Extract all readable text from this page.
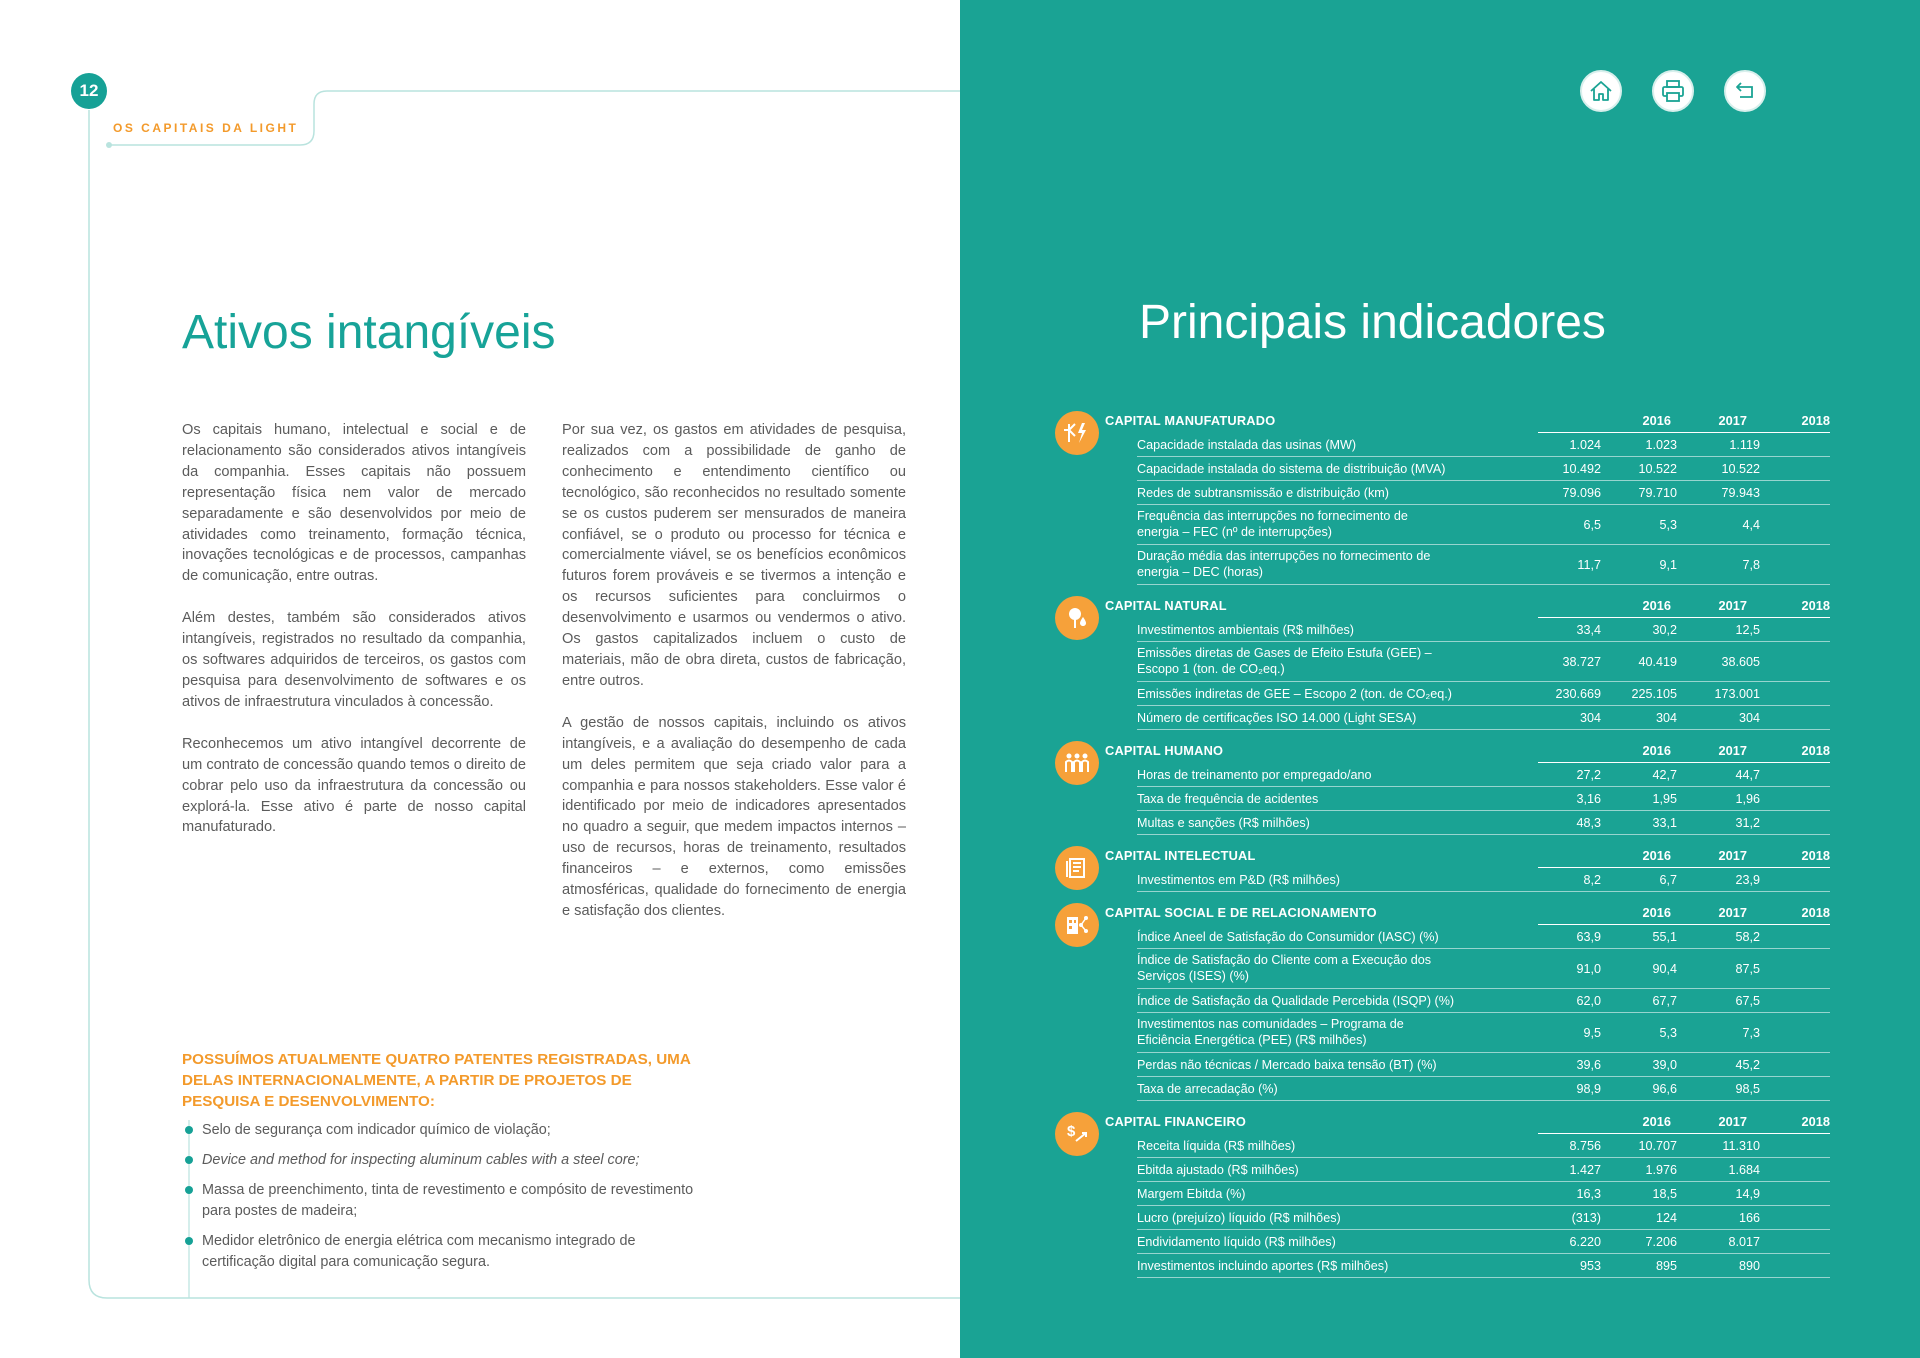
12
OS CAPITAIS DA LIGHT
Ativos intangíveis

Os capitais humano, intelectual e social e de relacionamento são considerados ativos intangíveis da companhia. Esses capitais não possuem representação física nem valor de mercado separadamente e são desenvolvidos por meio de atividades como treinamento, formação técnica, inovações tecnológicas e de processos, campanhas de comunicação, entre outras.

Além destes, também são considerados ativos intangíveis, registrados no resultado da companhia, os softwares adquiridos de terceiros, os gastos com pesquisa para desenvolvimento de softwares e os ativos de infraestrutura vinculados à concessão.

Reconhecemos um ativo intangível decorrente de um contrato de concessão quando temos o direito de cobrar pelo uso da infraestrutura da concessão ou explorá-la. Esse ativo é parte de nosso capital manufaturado.

Por sua vez, os gastos em atividades de pesquisa, realizados com a possibilidade de ganho de conhecimento e entendimento científico ou tecnológico, são reconhecidos no resultado somente se os custos puderem ser mensurados de maneira confiável, se o produto ou processo for técnica e comercialmente viável, se os benefícios econômicos futuros forem prováveis e se tivermos a intenção e os recursos suficientes para concluirmos o desenvolvimento e usarmos ou vendermos o ativo. Os gastos capitalizados incluem o custo de materiais, mão de obra direta, custos de fabricação, entre outros.

A gestão de nossos capitais, incluindo os ativos intangíveis, e a avaliação do desempenho de cada um deles permitem que seja criado valor para a companhia e para nossos stakeholders. Esse valor é identificado por meio de indicadores apresentados no quadro a seguir, que medem impactos internos – uso de recursos, horas de treinamento, resultados financeiros – e externos, como emissões atmosféricas, qualidade do fornecimento de energia e satisfação dos clientes.

POSSUÍMOS ATUALMENTE QUATRO PATENTES REGISTRADAS, UMA DELAS INTERNACIONALMENTE, A PARTIR DE PROJETOS DE PESQUISA E DESENVOLVIMENTO:
Selo de segurança com indicador químico de violação;
Device and method for inspecting aluminum cables with a steel core;
Massa de preenchimento, tinta de revestimento e compósito de revestimento para postes de madeira;
Medidor eletrônico de energia elétrica com mecanismo integrado de certificação digital para comunicação segura.
Principais indicadores
CAPITAL MANUFATURADO	2016	2017	2018
Capacidade instalada das usinas (MW)	1.024	1.023	1.119
Capacidade instalada do sistema de distribuição (MVA)	10.492	10.522	10.522
Redes de subtransmissão e distribuição (km)	79.096	79.710	79.943
Frequência das interrupções no fornecimento de energia – FEC (nº de interrupções)	6,5	5,3	4,4
Duração média das interrupções no fornecimento de energia – DEC (horas)	11,7	9,1	7,8
CAPITAL NATURAL	2016	2017	2018
Investimentos ambientais (R$ milhões)	33,4	30,2	12,5
Emissões diretas de Gases de Efeito Estufa (GEE) – Escopo 1 (ton. de CO₂eq.)	38.727	40.419	38.605
Emissões indiretas de GEE – Escopo 2 (ton. de CO₂eq.)	230.669	225.105	173.001
Número de certificações ISO 14.000 (Light SESA)	304	304	304
CAPITAL HUMANO	2016	2017	2018
Horas de treinamento por empregado/ano	27,2	42,7	44,7
Taxa de frequência de acidentes	3,16	1,95	1,96
Multas e sanções (R$ milhões)	48,3	33,1	31,2
CAPITAL INTELECTUAL	2016	2017	2018
Investimentos em P&D (R$ milhões)	8,2	6,7	23,9
CAPITAL SOCIAL E DE RELACIONAMENTO	2016	2017	2018
Índice Aneel de Satisfação do Consumidor (IASC) (%)	63,9	55,1	58,2
Índice de Satisfação do Cliente com a Execução dos Serviços (ISES) (%)	91,0	90,4	87,5
Índice de Satisfação da Qualidade Percebida (ISQP) (%)	62,0	67,7	67,5
Investimentos nas comunidades – Programa de Eficiência Energética (PEE) (R$ milhões)	9,5	5,3	7,3
Perdas não técnicas / Mercado baixa tensão (BT) (%)	39,6	39,0	45,2
Taxa de arrecadação (%)	98,9	96,6	98,5
$
CAPITAL FINANCEIRO	2016	2017	2018
Receita líquida (R$ milhões)	8.756	10.707	11.310
Ebitda ajustado (R$ milhões)	1.427	1.976	1.684
Margem Ebitda (%)	16,3	18,5	14,9
Lucro (prejuízo) líquido (R$ milhões)	(313)	124	166
Endividamento líquido (R$ milhões)	6.220	7.206	8.017
Investimentos incluindo aportes (R$ milhões)	953	895	890
